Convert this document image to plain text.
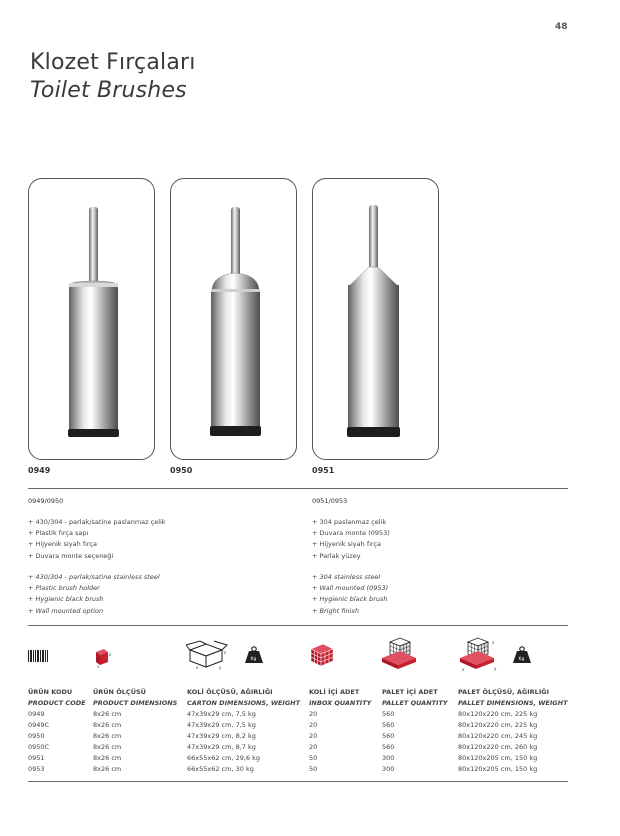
48
Klozet Fırçaları
Toilet Brushes
0949	0950	0951
0949/0950
+ 430/304 - parlak/satine paslanmaz çelik
+ Plastik fırça sapı
+ Hijyenik siyah fırça
+ Duvara monte seçeneği
+ 430/304 - parlak/satine stainless steel
+ Plastic brush holder
+ Hygienic black brush
+ Wall mounted option
0951/0953
+ 304 paslanmaz çelik
+ Duvara monte (0953)
+ Hijyenik siyah fırça
+ Parlak yüzey
+ 304 stainless steel
+ Wall mounted (0953)
+ Hygienic black brush
+ Bright finish
z
y
z
y
x
Kg
z
y
x
Kg
ÜRÜN KODU	ÜRÜN ÖLÇÜSÜ	KOLİ ÖLÇÜSÜ, AĞIRLIĞI	KOLİ İÇİ ADET	PALET İÇİ ADET	PALET ÖLÇÜSÜ, AĞIRLIĞI
PRODUCT CODE	PRODUCT DIMENSIONS	CARTON DIMENSIONS, WEIGHT	INBOX QUANTITY	PALLET QUANTITY	PALLET DIMENSIONS, WEIGHT
0949	8x26 cm	47x39x29 cm, 7,5 kg	20	560	80x120x220 cm, 225 kg
0949C	8x26 cm	47x39x29 cm, 7,5 kg	20	560	80x120x220 cm, 225 kg
0950	8x26 cm	47x39x29 cm, 8,2 kg	20	560	80x120x220 cm, 245 kg
0950C	8x26 cm	47x39x29 cm, 8,7 kg	20	560	80x120x220 cm, 260 kg
0951	8x26 cm	66x55x62 cm, 29,6 kg	50	300	80x120x205 cm, 150 kg
0953	8x26 cm	66x55x62 cm, 30 kg	50	300	80x120x205 cm, 150 kg
